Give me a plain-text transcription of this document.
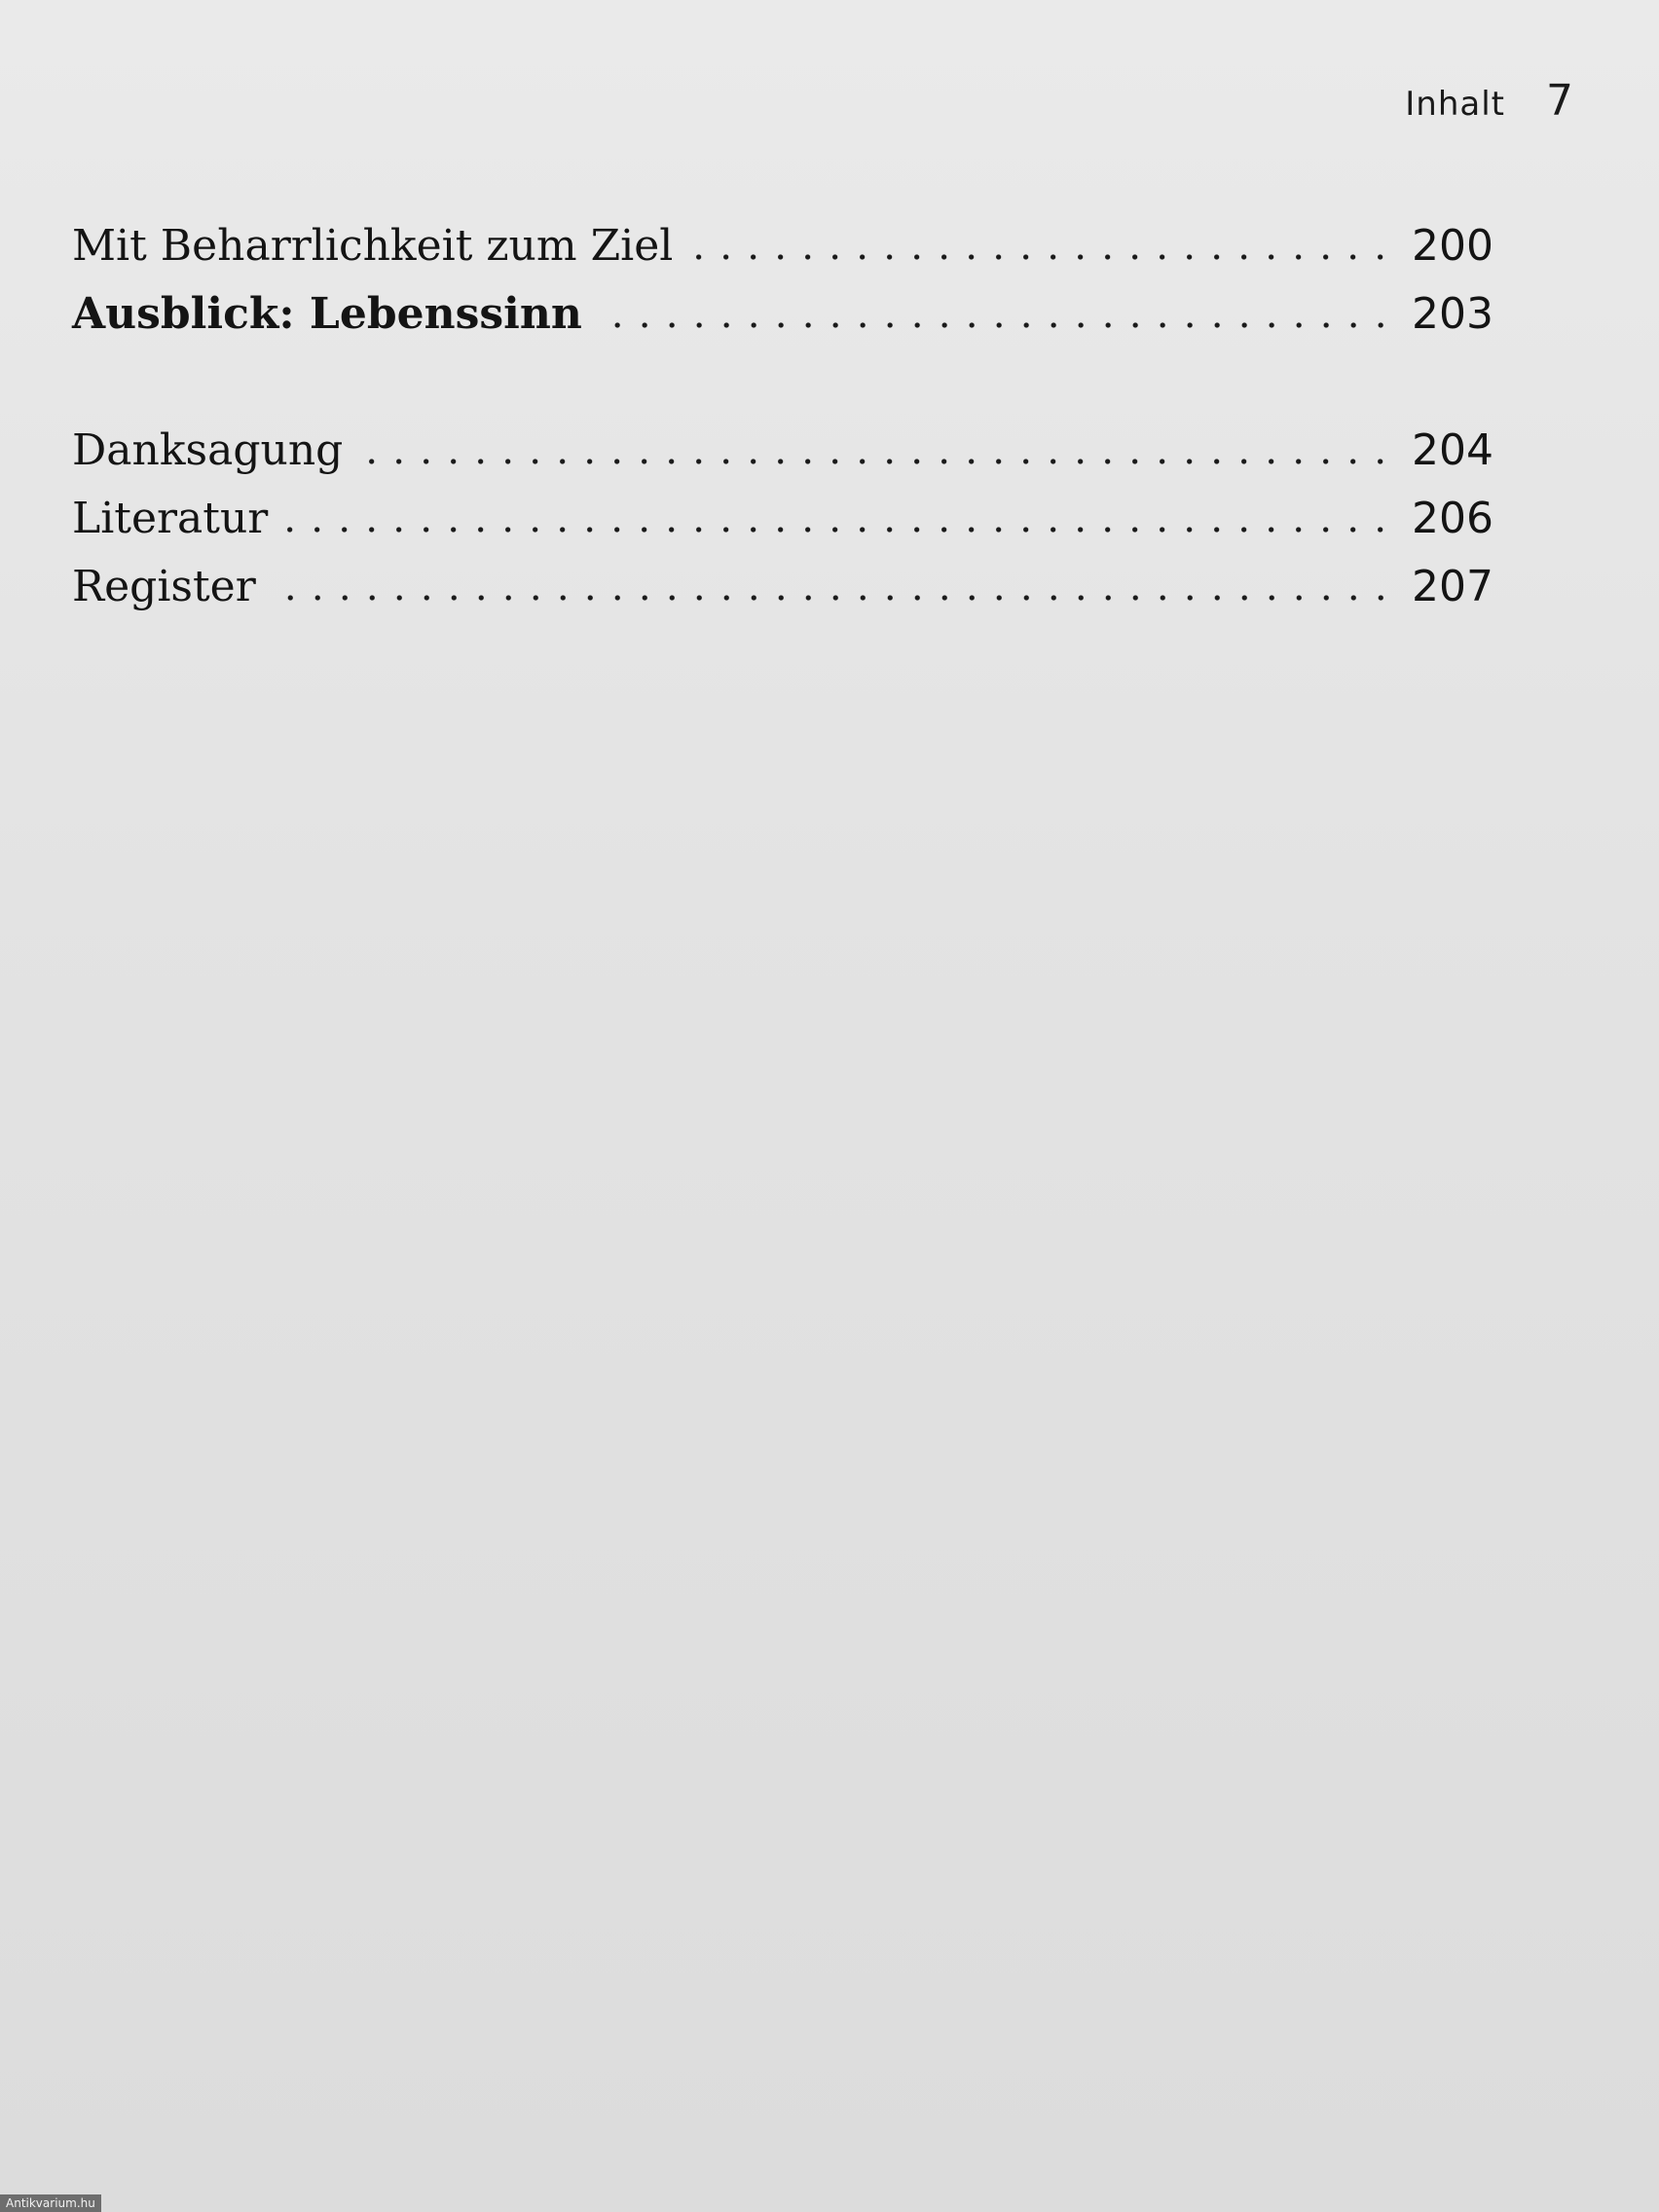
Inhalt 7
Mit Beharrlichkeit zum Ziel	200
Ausblick: Lebenssinn	203
Danksagung	204
Literatur	206
Register	207
Antikvarium.hu
